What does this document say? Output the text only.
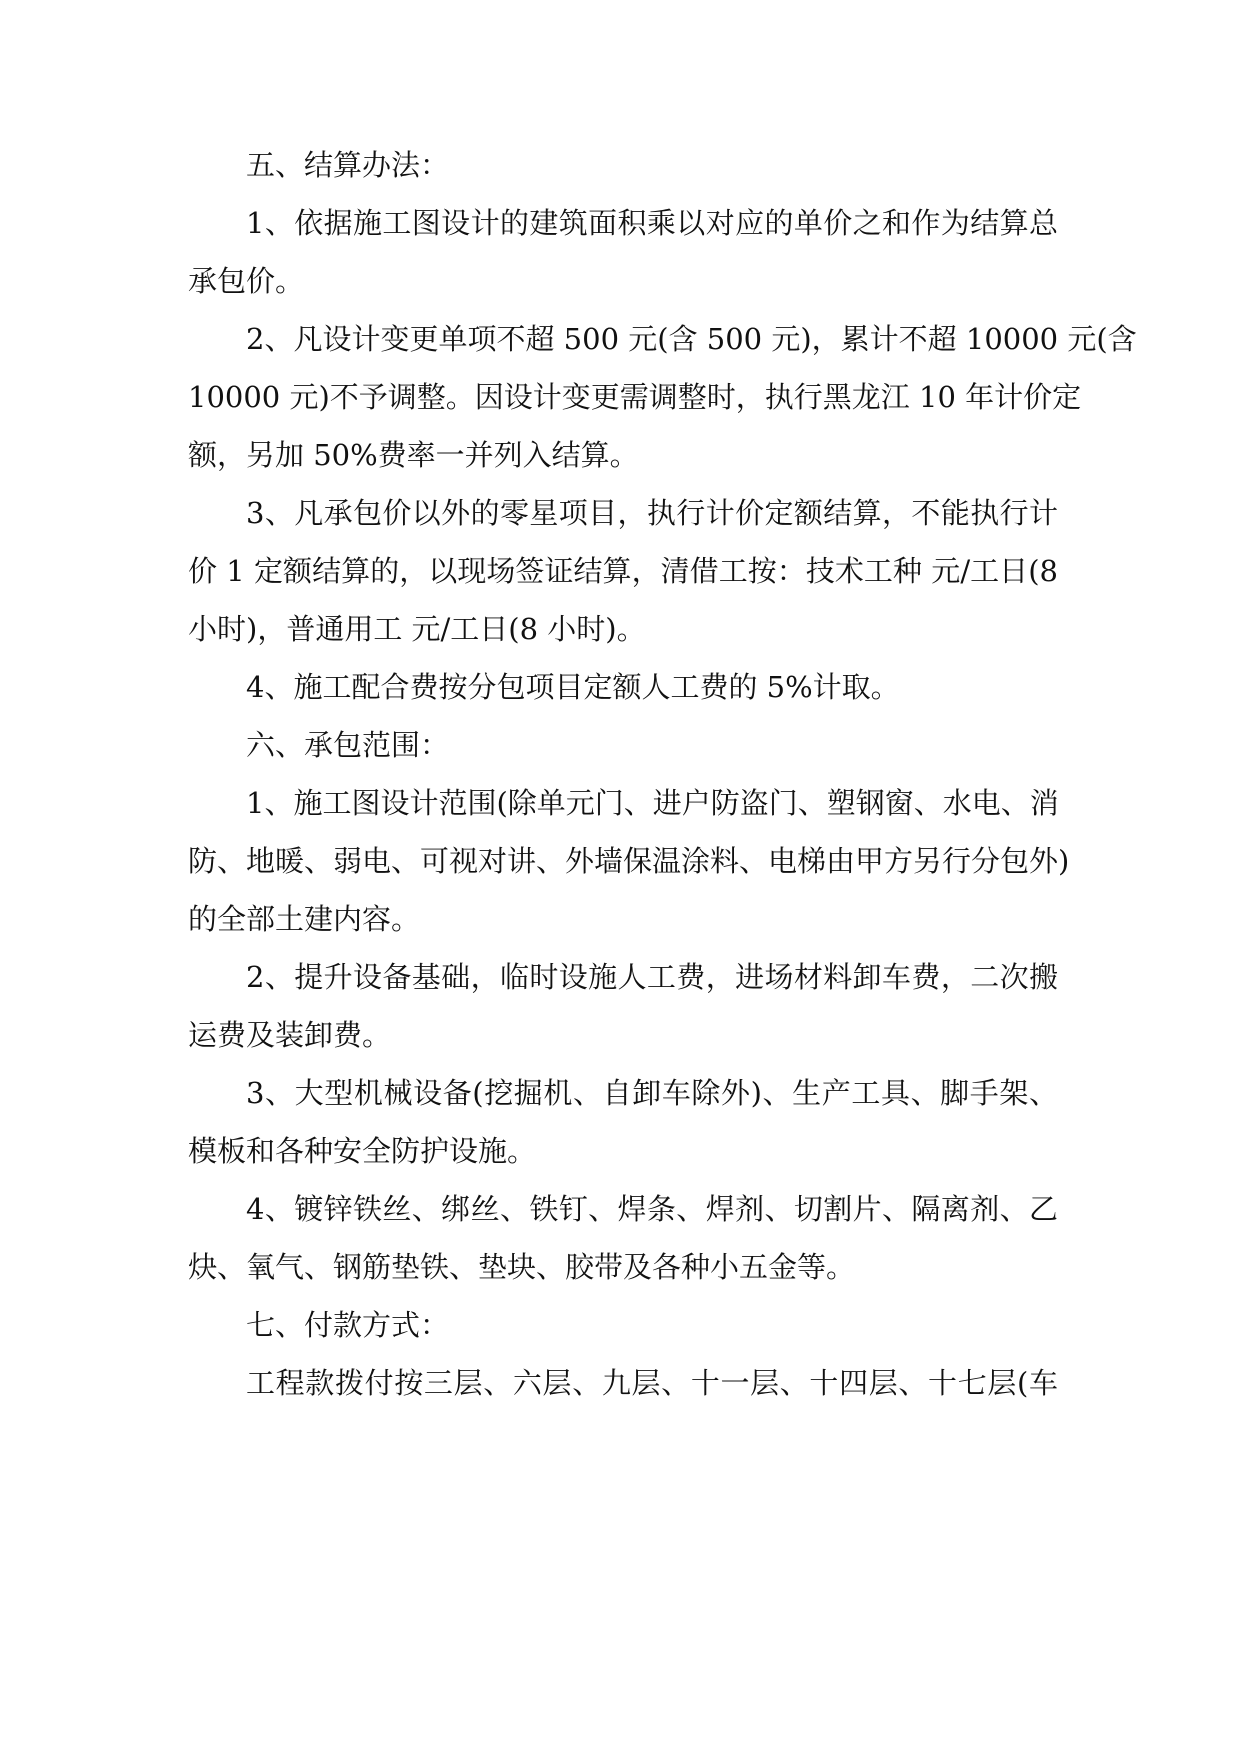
五、结算办法：

1、依据施工图设计的建筑面积乘以对应的单价之和作为结算总

承包价。

2、凡设计变更单项不超 500 元(含 500 元)，累计不超 10000 元(含

10000 元)不予调整。因设计变更需调整时，执行黑龙江 10 年计价定

额，另加 50%费率一并列入结算。

3、凡承包价以外的零星项目，执行计价定额结算，不能执行计

价 1 定额结算的，以现场签证结算，清借工按：技术工种 元/工日(8

小时)，普通用工 元/工日(8 小时)。

4、施工配合费按分包项目定额人工费的 5%计取。

六、承包范围：

1、施工图设计范围(除单元门、进户防盗门、塑钢窗、水电、消

防、地暖、弱电、可视对讲、外墙保温涂料、电梯由甲方另行分包外)

的全部土建内容。

2、提升设备基础，临时设施人工费，进场材料卸车费，二次搬

运费及装卸费。

3、大型机械设备(挖掘机、自卸车除外)、生产工具、脚手架、

模板和各种安全防护设施。

4、镀锌铁丝、绑丝、铁钉、焊条、焊剂、切割片、隔离剂、乙

炔、氧气、钢筋垫铁、垫块、胶带及各种小五金等。

七、付款方式：

工程款拨付按三层、六层、九层、十一层、十四层、十七层(车
